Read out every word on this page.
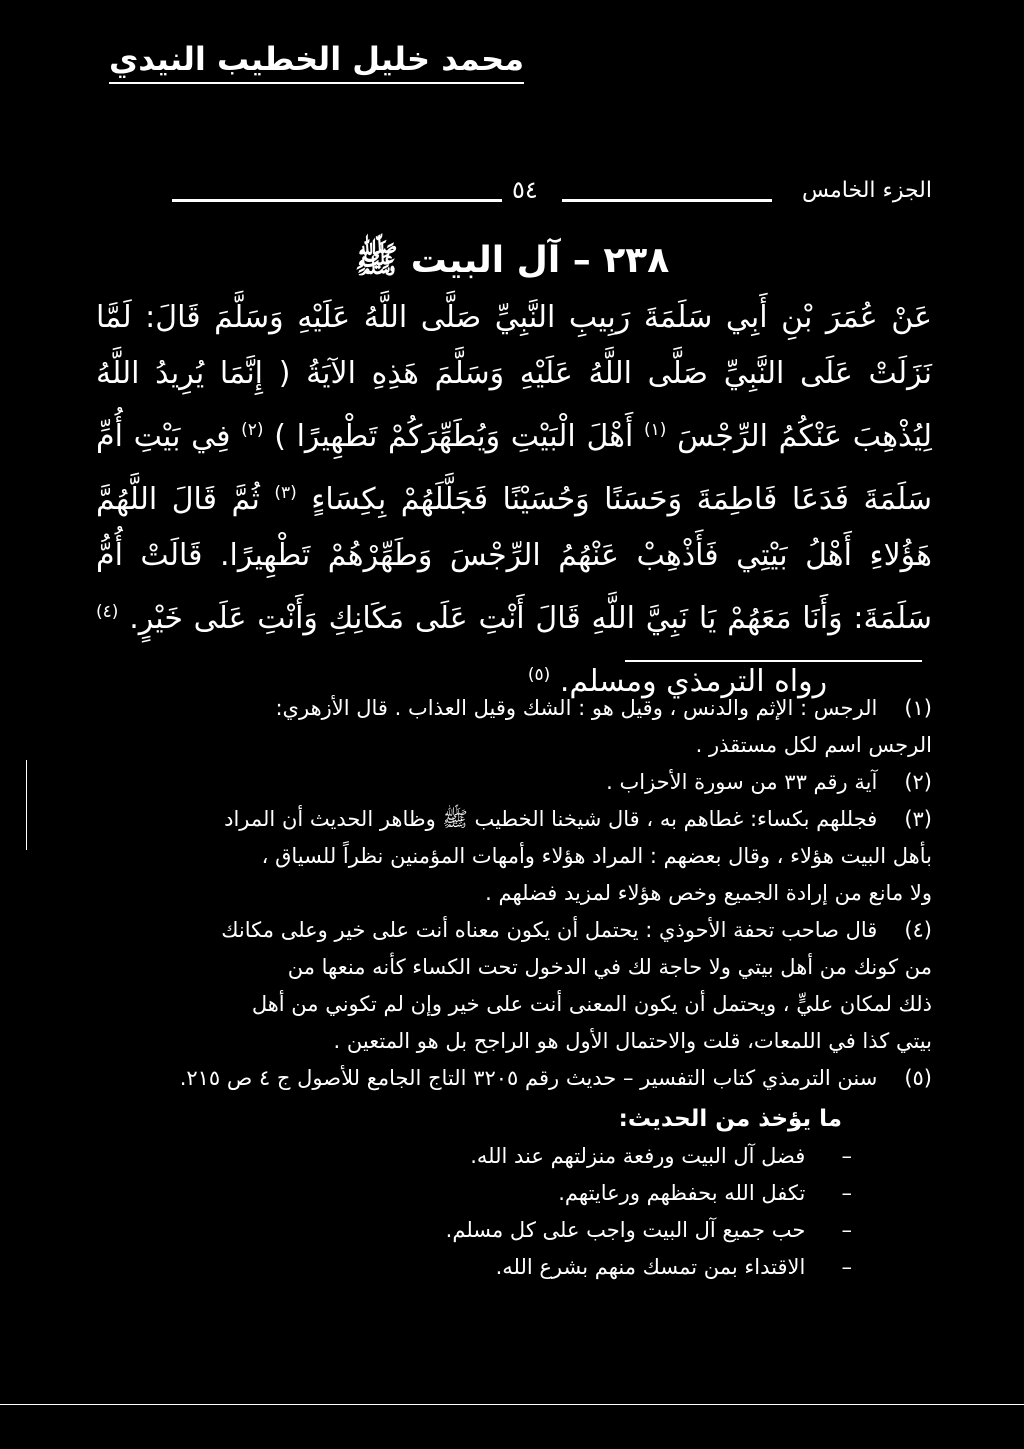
محمد خليل الخطيب النيدي
الجزء الخامس
٥٤
٢٣٨ – آل البيت ﷺ
عَنْ عُمَرَ بْنِ أَبِي سَلَمَةَ رَبِيبِ النَّبِيِّ صَلَّى اللَّهُ عَلَيْهِ وَسَلَّمَ قَالَ: لَمَّا نَزَلَتْ عَلَى النَّبِيِّ صَلَّى اللَّهُ عَلَيْهِ وَسَلَّمَ هَذِهِ الآيَةُ ( إِنَّمَا يُرِيدُ اللَّهُ لِيُذْهِبَ عَنْكُمُ الرِّجْسَ $^{(١)}$ أَهْلَ الْبَيْتِ وَيُطَهِّرَكُمْ تَطْهِيرًا ) $^{(٢)}$ فِي بَيْتِ أُمِّ سَلَمَةَ فَدَعَا فَاطِمَةَ وَحَسَنًا وَحُسَيْنًا فَجَلَّلَهُمْ بِكِسَاءٍ $^{(٣)}$ ثُمَّ قَالَ اللَّهُمَّ هَؤُلاءِ أَهْلُ بَيْتِي فَأَذْهِبْ عَنْهُمُ الرِّجْسَ وَطَهِّرْهُمْ تَطْهِيرًا. قَالَتْ أُمُّ سَلَمَةَ: وَأَنَا مَعَهُمْ يَا نَبِيَّ اللَّهِ قَالَ أَنْتِ عَلَى مَكَانِكِ وَأَنْتِ عَلَى خَيْرٍ. $^{(٤)}$            رواه الترمذي ومسلم. $^{(٥)}$
(١) الرجس : الإثم والدنس ، وقيل هو : الشك وقيل العذاب . قال الأزهري:
الرجس اسم لكل مستقذر .
(٢) آية رقم ٣٣ من سورة الأحزاب .
(٣) فجللهم بكساء: غطاهم به ، قال شيخنا الخطيب ﷺ وظاهر الحديث أن المراد
بأهل البيت هؤلاء ، وقال بعضهم : المراد هؤلاء وأمهات المؤمنين نظراً للسياق ،
ولا مانع من إرادة الجميع وخص هؤلاء لمزيد فضلهم .
(٤) قال صاحب تحفة الأحوذي : يحتمل أن يكون معناه أنت على خير وعلى مكانك
من كونك من أهل بيتي ولا حاجة لك في الدخول تحت الكساء كأنه منعها من
ذلك لمكان عليٍّ ، ويحتمل أن يكون المعنى أنت على خير وإن لم تكوني من أهل
بيتي كذا في اللمعات، قلت والاحتمال الأول هو الراجح بل هو المتعين .
(٥) سنن الترمذي كتاب التفسير – حديث رقم ٣٢٠٥ التاج الجامع للأصول ج ٤ ص ٢١٥.
ما يؤخذ من الحديث:
– فضل آل البيت ورفعة منزلتهم عند الله.
– تكفل الله بحفظهم ورعايتهم.
– حب جميع آل البيت واجب على كل مسلم.
– الاقتداء بمن تمسك منهم بشرع الله.
